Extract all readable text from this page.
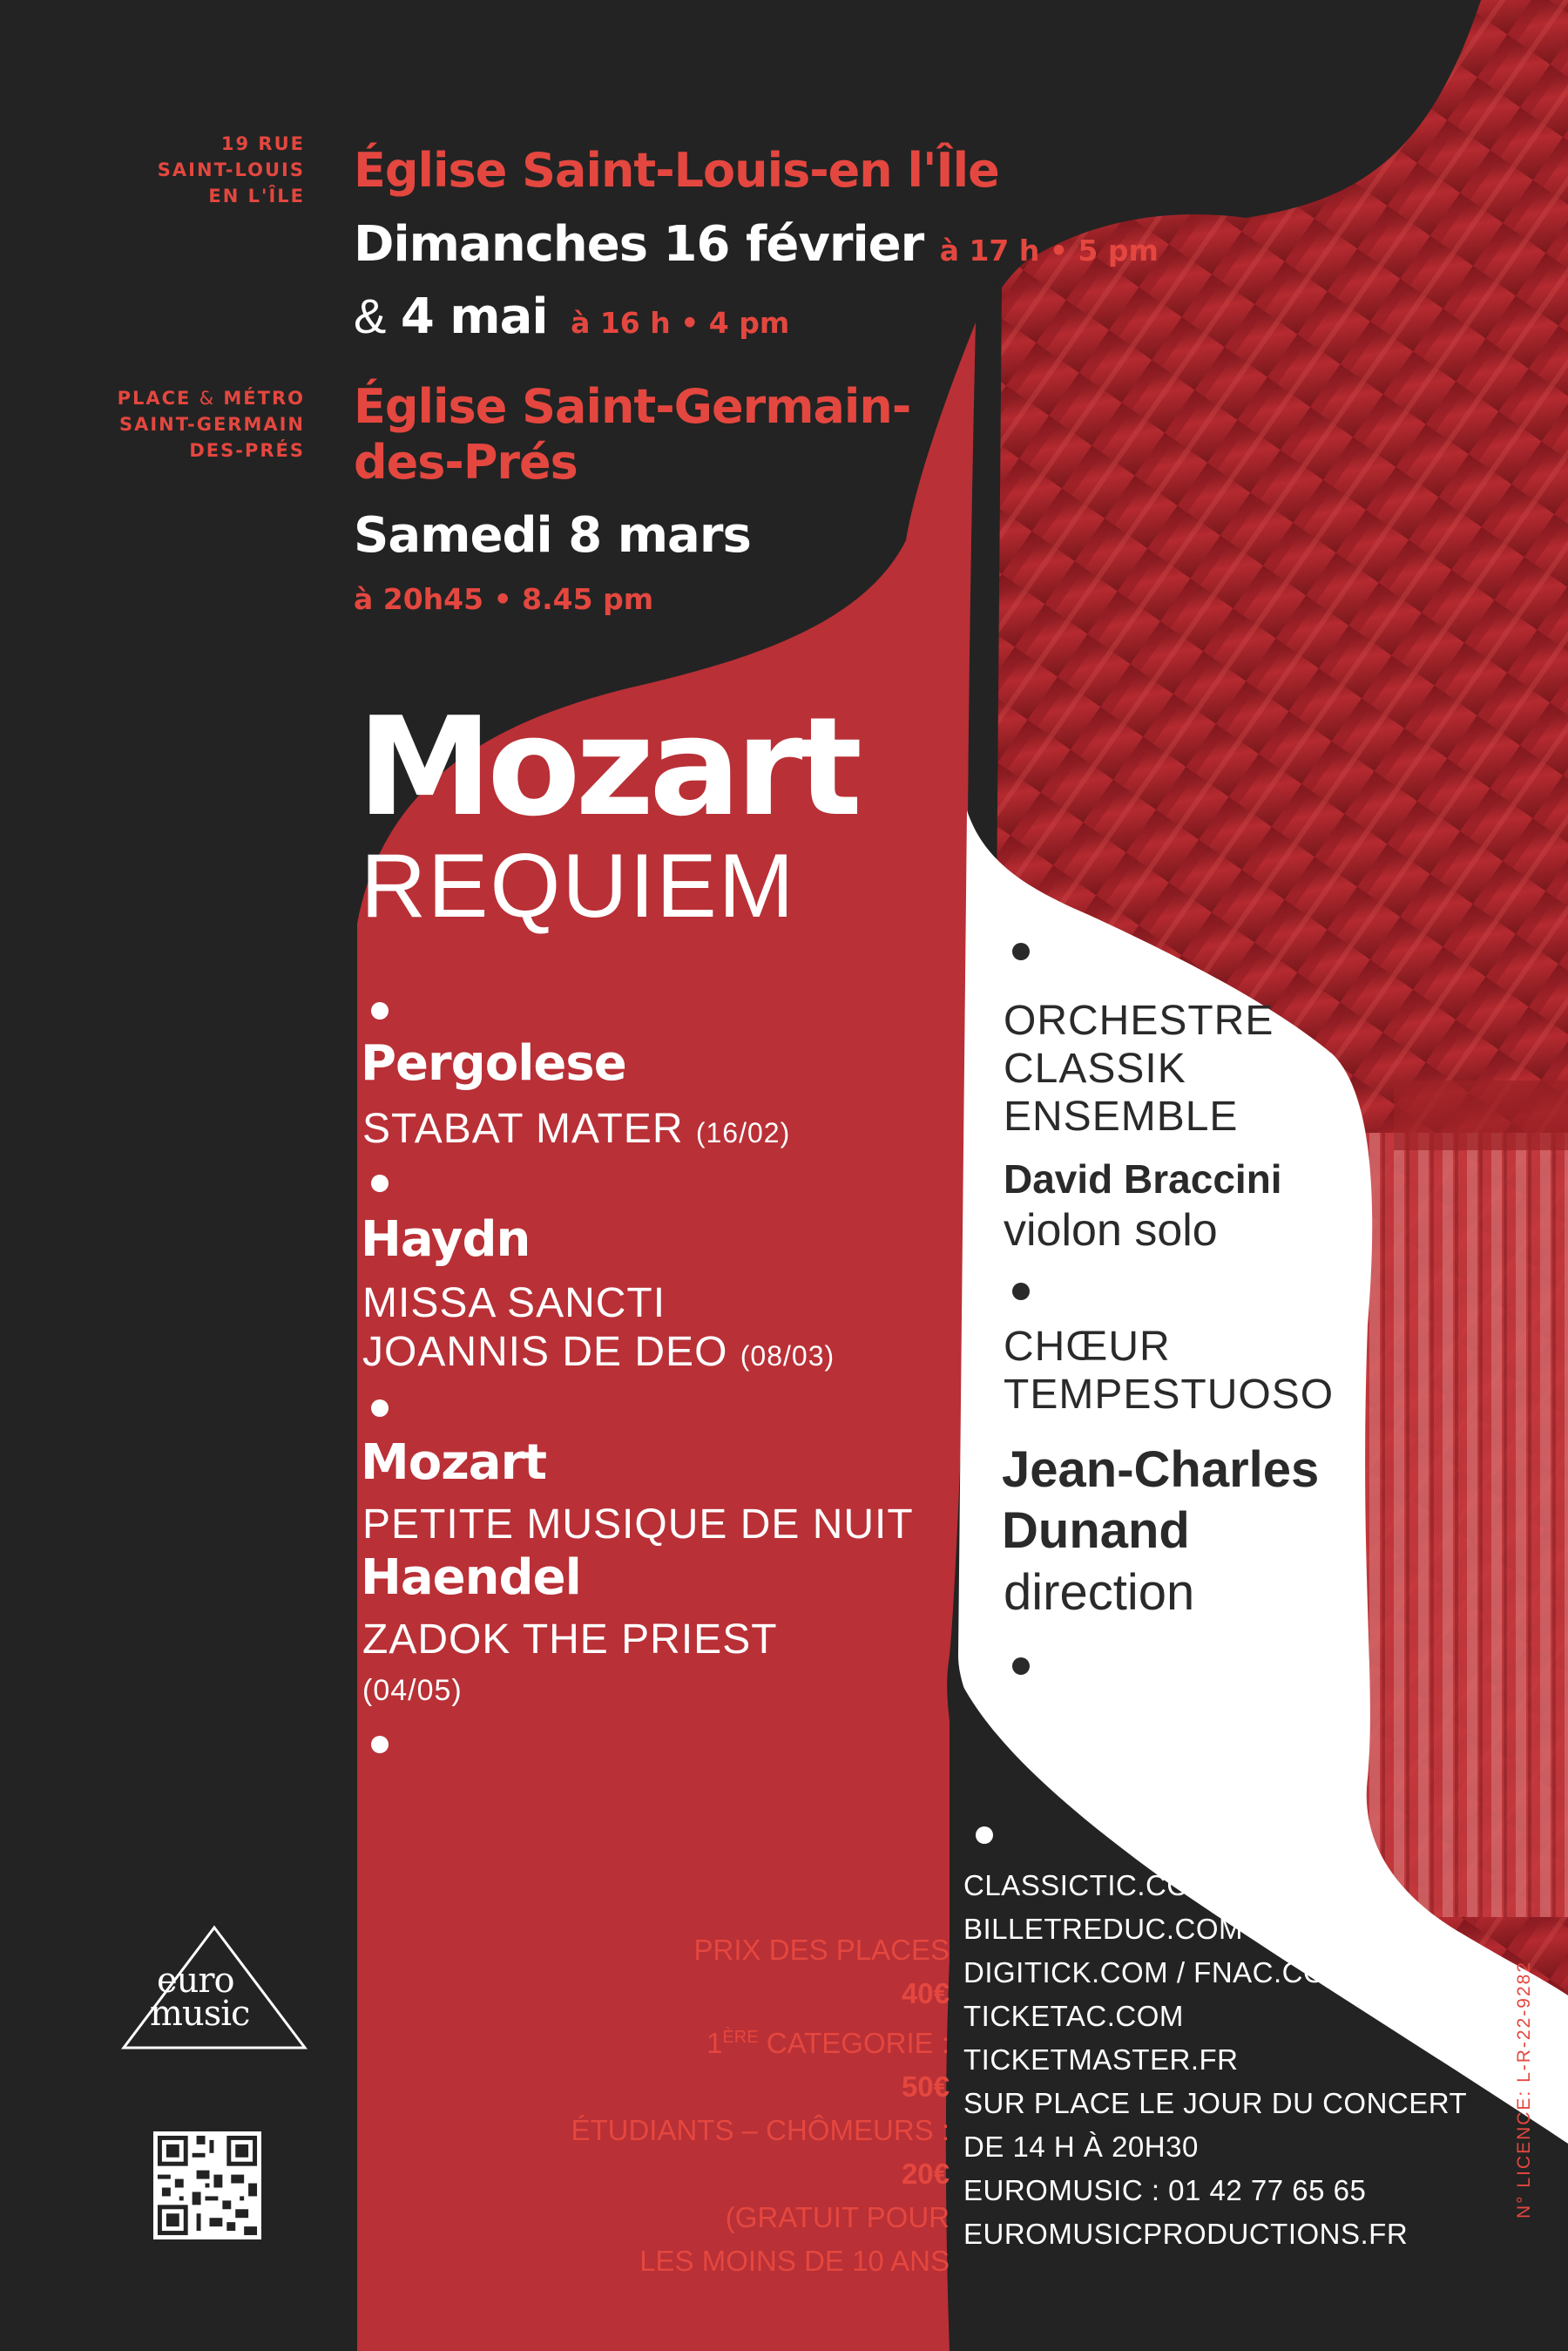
19 RUE
SAINT-LOUIS
EN L'ÎLE Église Saint-Louis-en l'Île

Dimanches 16 février à 17 h • 5 pm
& 4 mai à 16 h • 4 pm
PLACE & MÉTRO
SAINT-GERMAIN
DES-PRÉS

Église Saint-Germain-

des-Prés

Samedi 8 mars

à 20h45 • 8.45 pm

Mozart

REQUIEM

Pergolese

STABAT MATER (16/02)

Haydn

MISSA SANCTI

JOANNIS DE DEO (08/03)

Mozart

PETITE MUSIQUE DE NUIT

Haendel

ZADOK THE PRIEST

(04/05)

ORCHESTRE

CLASSIK

ENSEMBLE

David Braccini

violon solo

CHŒUR

TEMPESTUOSO

Jean-Charles

Dunand

direction

PRIX DES PLACES
40€
1ÈRE CATEGORIE :
50€
ÉTUDIANTS – CHÔMEURS :
20€
(GRATUIT POUR
LES MOINS DE 10 ANS
CLASSICTIC.COM
BILLETREDUC.COM
DIGITICK.COM / FNAC.COM
TICKETAC.COM
TICKETMASTER.FR
SUR PLACE LE JOUR DU CONCERT
DE 14 H À 20H30
EUROMUSIC : 01 42 77 65 65
EUROMUSICPRODUCTIONS.FR
euro
music	N° LICENCE: L-R-22-9282
